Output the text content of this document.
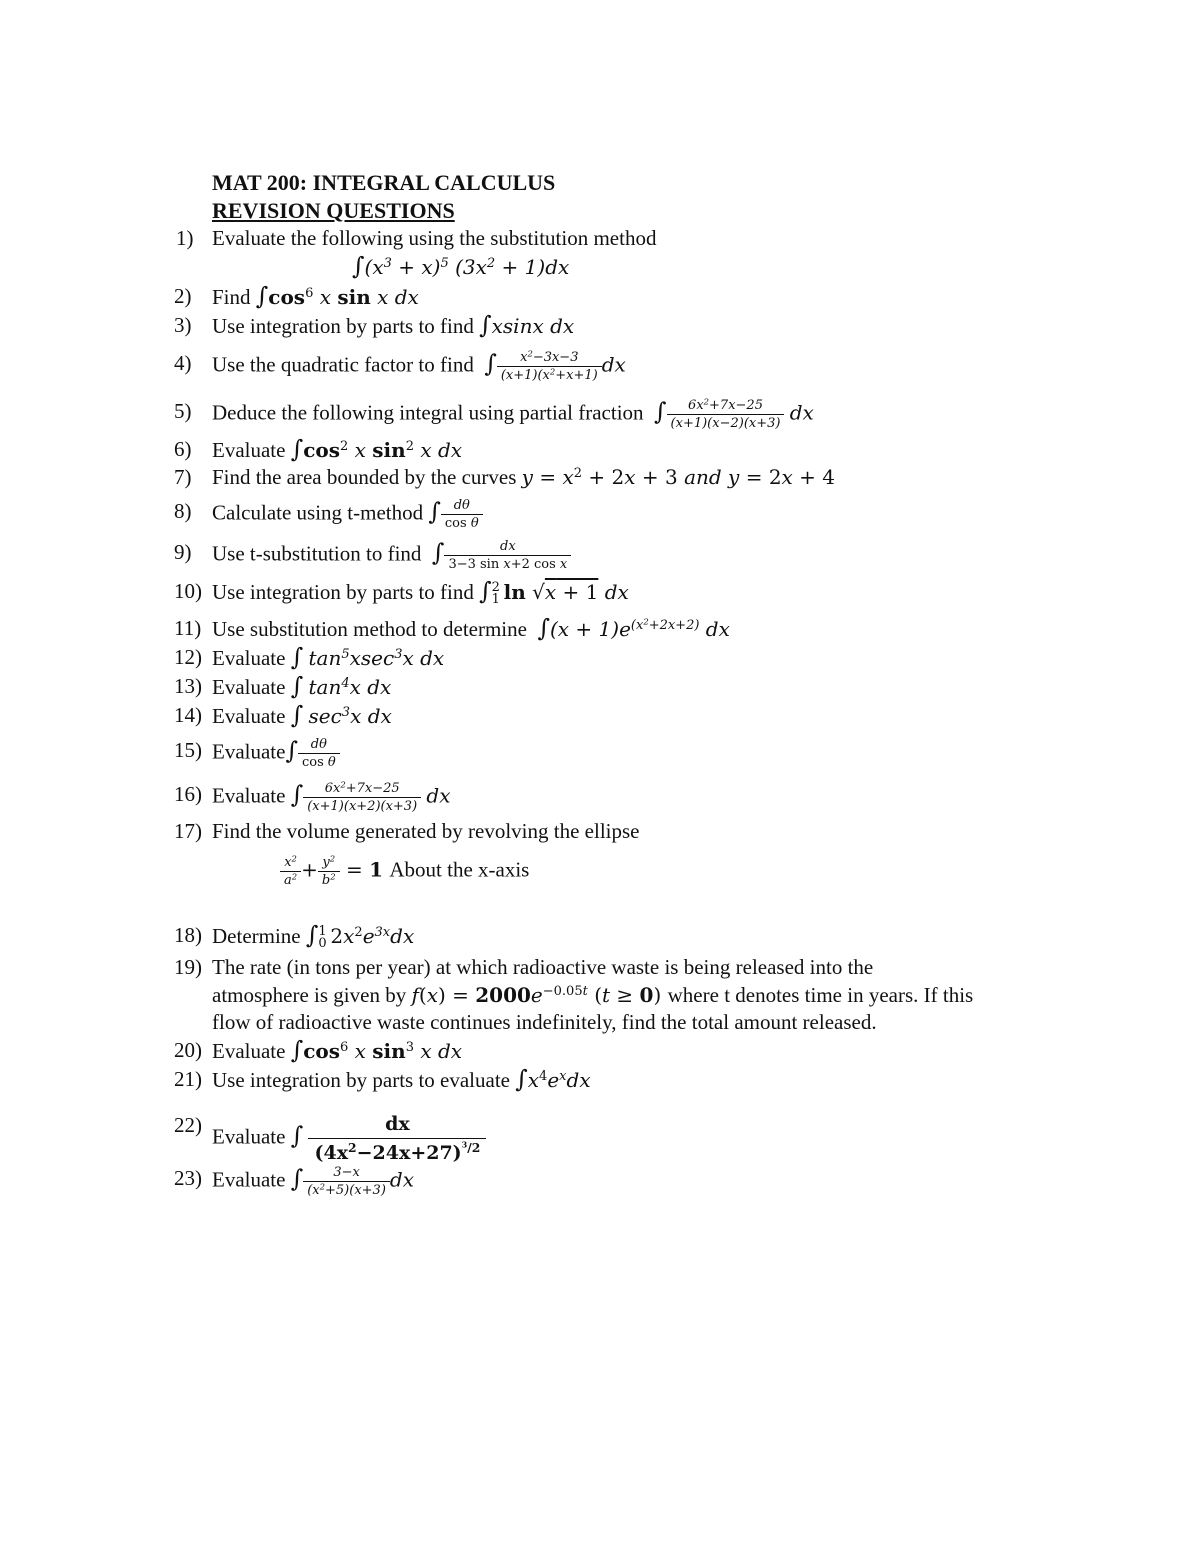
MAT 200: INTEGRAL CALCULUS
REVISION QUESTIONS
1) Evaluate the following using the substitution method
$\int(x^3 + x)^5$ $(3x^2 + 1)dx$
2) Find $\int\cos^6$ x sin x dx
3) Use integration by parts to find ∫xsinx dx
4) Use the quadratic factor to find ∫ $\frac{x^2-3x-3}{(x+1)(x^2+x+1)}$ dx
5) Deduce the following integral using partial fraction ∫ $\frac{6x^2+7x-25}{(x+1)(x-2)(x+3)}$ dx
6) Evaluate $\int\cos^2$ x $\sin^2 x$ dx
7) Find the area bounded by the curves $y = x^2 + 2x + 3$ and y = 2x + 4
8) Calculate using t-method ∫ $\frac{d\theta}{\text{cos θ}}$
9) Use t-substitution to find ∫ $\frac{dx}{\text{3−3 sin x+2 cos x}}$
10) Use integration by parts to find ∫ 2
1 ln √x + 1 dx
11) Use substitution method to determine $\int(x + 1)e^{(x^2+2x+2)}$ dx
12) Evaluate ∫ $\tan^5xsec^3x$ dx
13) Evaluate ∫ $\tan^4x$ dx
14) Evaluate ∫ $\sec^3x$ dx
15) Evaluate∫ $\frac{d\theta}{\text{cos θ}}$
16) Evaluate ∫ $\frac{6x^2+7x-25}{(x+1)(x+2)(x+3)}$ dx
17) Find the volume generated by revolving the ellipse
$\frac{x^2}{a^2} + \frac{y^2}{b^2} = 1$ About the x-axis
18) Determine ∫ 1
0 $2x^2e^{3x}dx$
19) The rate (in tons per year) at which radioactive waste is being released into the
atmosphere is given by $f(x) = 2000e^{-0.05t}$ (t ≥ 0) where t denotes time in years. If this
flow of radioactive waste continues indefinitely, find the total amount released.
20) Evaluate $\int\cos^6$ x $\sin^3 x$ dx
21) Use integration by parts to evaluate $\int x^4e^xdx$
22) Evaluate ∫ $\frac{dx}{(4x^2-24x+27)^{^3/2}}$
23) Evaluate ∫ $\frac{3-x}{(x^2+5)(x+3)}$ dx
